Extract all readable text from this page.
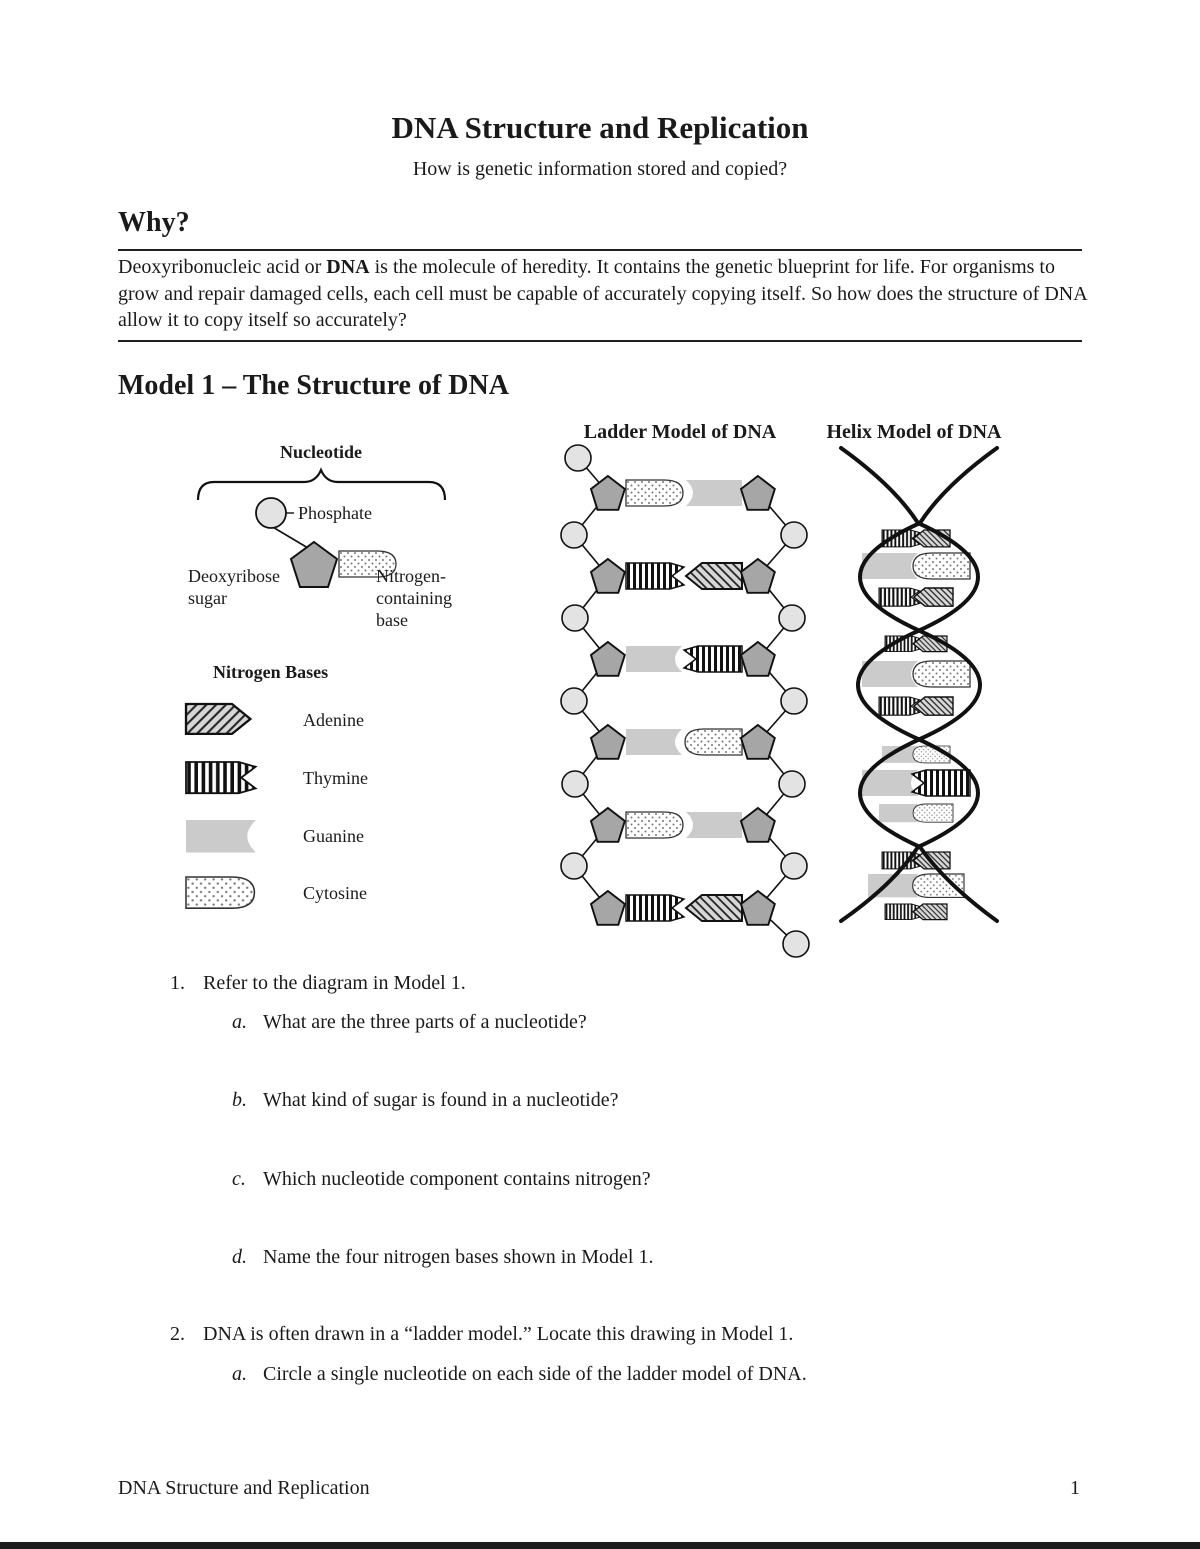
DNA Structure and Replication
How is genetic information stored and copied?
Why?
Deoxyribonucleic acid or DNA is the molecule of heredity. It contains the genetic blueprint for life. For organisms to grow and repair damaged cells, each cell must be capable of accurately copying itself. So how does the structure of DNA allow it to copy itself so accurately?
Model 1 – The Structure of DNA
Nucleotide
Phosphate
Deoxyribose
sugar
Nitrogen-
containing
base
Nitrogen Bases
Adenine
Thymine
Guanine
Cytosine
Ladder Model of DNA	Helix Model of DNA
1. Refer to the diagram in Model 1.
a. What are the three parts of a nucleotide?
b. What kind of sugar is found in a nucleotide?
c. Which nucleotide component contains nitrogen?
d. Name the four nitrogen bases shown in Model 1.
2. DNA is often drawn in a “ladder model.” Locate this drawing in Model 1.
a. Circle a single nucleotide on each side of the ladder model of DNA.
DNA Structure and Replication	1
